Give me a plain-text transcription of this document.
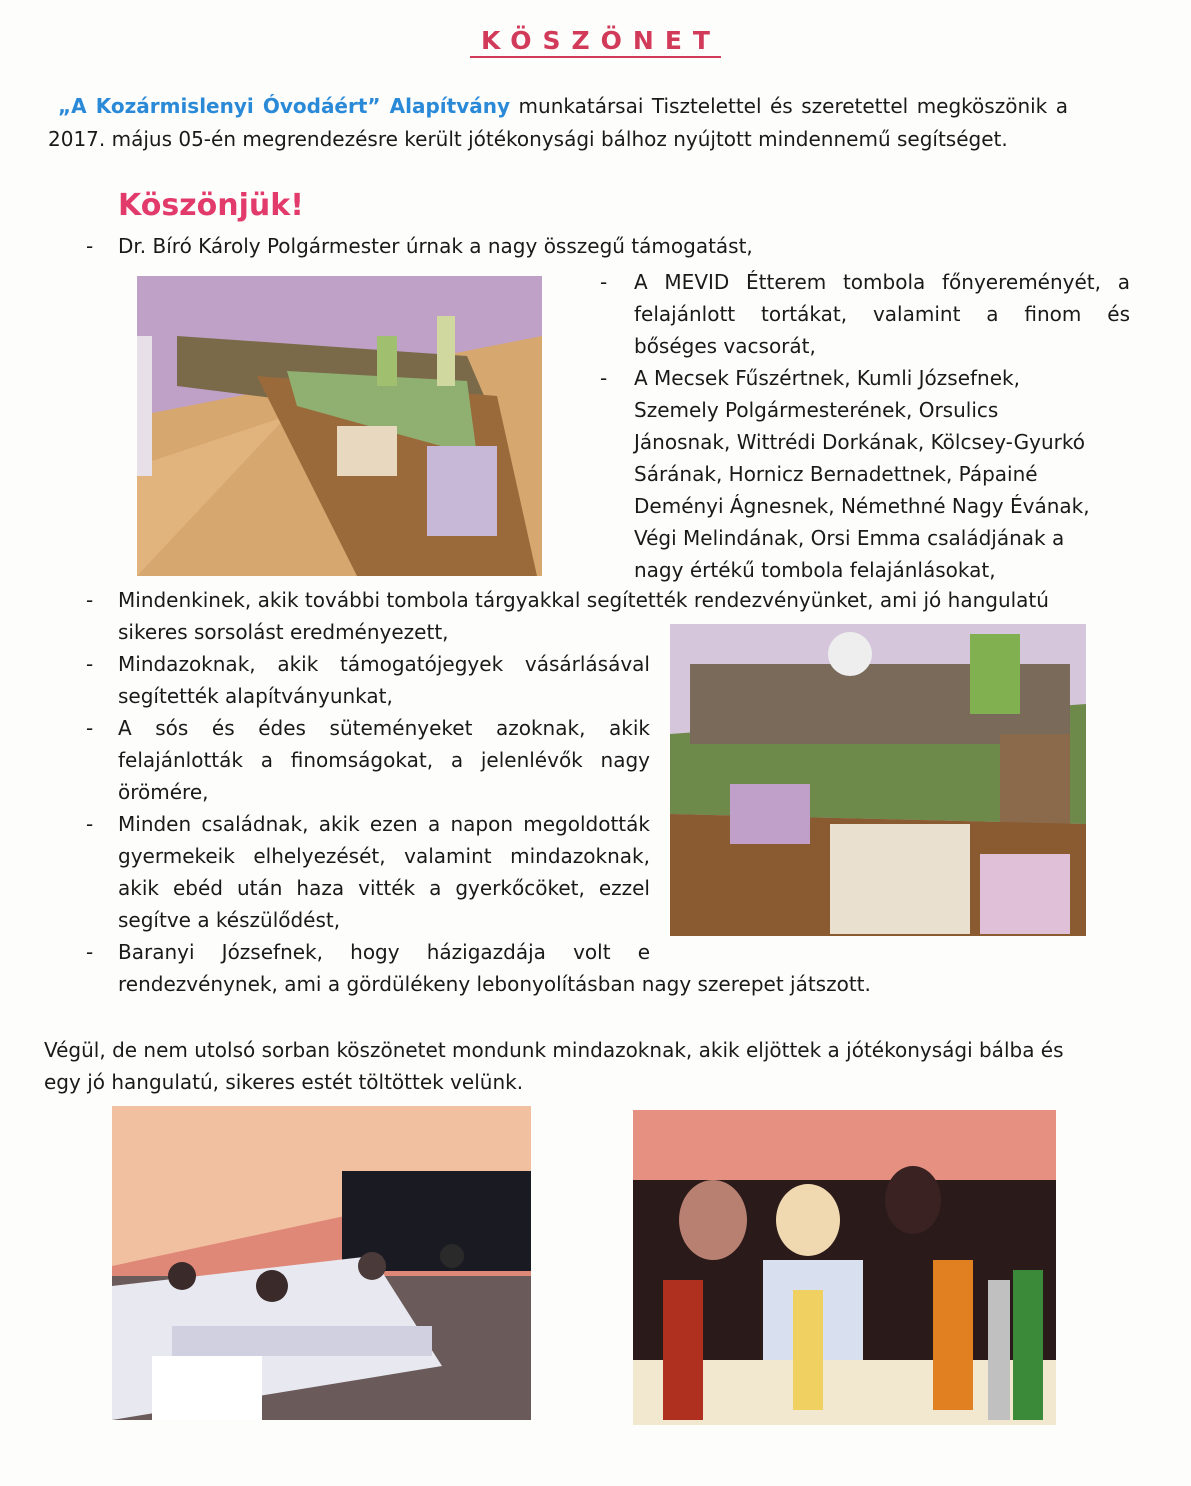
KÖSZÖNET
„A Kozármislenyi Óvodáért” Alapítvány munkatársai Tisztelettel és szeretettel megköszönik a
2017. május 05-én megrendezésre került jótékonysági bálhoz nyújtott mindennemű segítséget.
Köszönjük!
- Dr. Bíró Károly Polgármester úrnak a nagy összegű támogatást,
- A MEVID Étterem tombola főnyereményét, a
felajánlott tortákat, valamint a finom és
bőséges vacsorát,
- A Mecsek Fűszértnek, Kumli Józsefnek,
Szemely Polgármesterének, Orsulics
Jánosnak, Wittrédi Dorkának, Kölcsey-Gyurkó
Sárának, Hornicz Bernadettnek, Pápainé
Deményi Ágnesnek, Némethné Nagy Évának,
Végi Melindának, Orsi Emma családjának a
nagy értékű tombola felajánlásokat,
- Mindenkinek, akik további tombola tárgyakkal segítették rendezvényünket, ami jó hangulatú
sikeres sorsolást eredményezett,
- Mindazoknak, akik támogatójegyek vásárlásával
segítették alapítványunkat,
- A sós és édes süteményeket azoknak, akik
felajánlották a finomságokat, a jelenlévők nagy
örömére,
- Minden családnak, akik ezen a napon megoldották
gyermekeik elhelyezését, valamint mindazoknak,
akik ebéd után haza vitték a gyerkőcöket, ezzel
segítve a készülődést,
- Baranyi Józsefnek, hogy házigazdája volt e
rendezvénynek, ami a gördülékeny lebonyolításban nagy szerepet játszott.
Végül, de nem utolsó sorban köszönetet mondunk mindazoknak, akik eljöttek a jótékonysági bálba és
egy jó hangulatú, sikeres estét töltöttek velünk.
